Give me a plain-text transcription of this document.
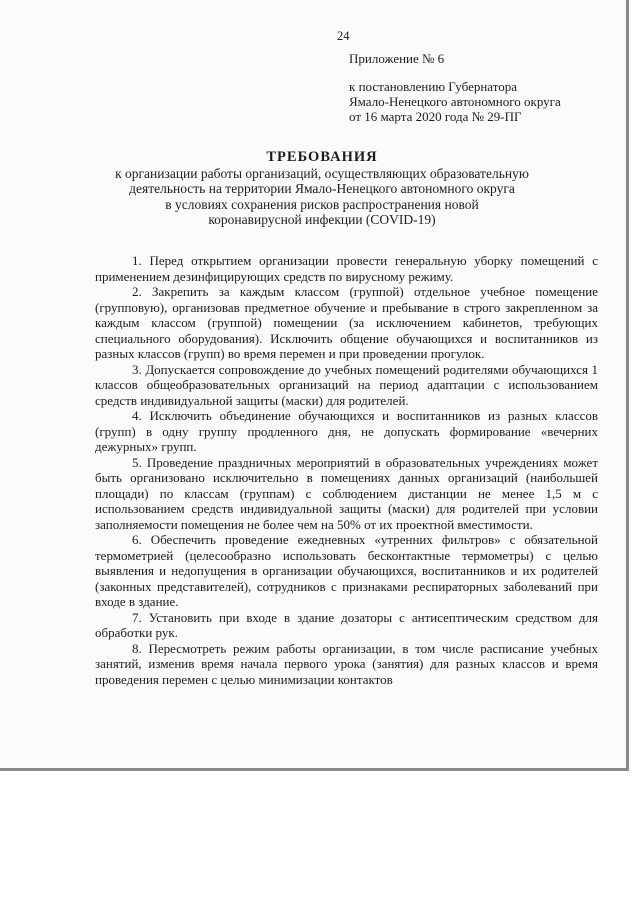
24
Приложение № 6
к постановлению Губернатора
Ямало-Ненецкого автономного округа
от 16 марта 2020 года № 29-ПГ
ТРЕБОВАНИЯ
к организации работы организаций, осуществляющих образовательную
деятельность на территории Ямало-Ненецкого автономного округа
в условиях сохранения рисков распространения новой
коронавирусной инфекции (COVID-19)

1. Перед открытием организации провести генеральную уборку помещений с применением дезинфицирующих средств по вирусному режиму.

2. Закрепить за каждым классом (группой) отдельное учебное помещение (групповую), организовав предметное обучение и пребывание в строго закрепленном за каждым классом (группой) помещении (за исключением кабинетов, требующих специального оборудования). Исключить общение обучающихся и воспитанников из разных классов (групп) во время перемен и при проведении прогулок.

3. Допускается сопровождение до учебных помещений родителями обучающихся 1 классов общеобразовательных организаций на период адаптации с использованием средств индивидуальной защиты (маски) для родителей.

4. Исключить объединение обучающихся и воспитанников из разных классов (групп) в одну группу продленного дня, не допускать формирование «вечерних дежурных» групп.

5. Проведение праздничных мероприятий в образовательных учреждениях может быть организовано исключительно в помещениях данных организаций (наибольшей площади) по классам (группам) с соблюдением дистанции не менее 1,5 м с использованием средств индивидуальной защиты (маски) для родителей при условии заполняемости помещения не более чем на 50% от их проектной вместимости.

6. Обеспечить проведение ежедневных «утренних фильтров» с обязательной термометрией (целесообразно использовать бесконтактные термометры) с целью выявления и недопущения в организации обучающихся, воспитанников и их родителей (законных представителей), сотрудников с признаками респираторных заболеваний при входе в здание.

7. Установить при входе в здание дозаторы с антисептическим средством для обработки рук.

8. Пересмотреть режим работы организации, в том числе расписание учебных занятий, изменив время начала первого урока (занятия) для разных классов и время проведения перемен с целью минимизации контактов
